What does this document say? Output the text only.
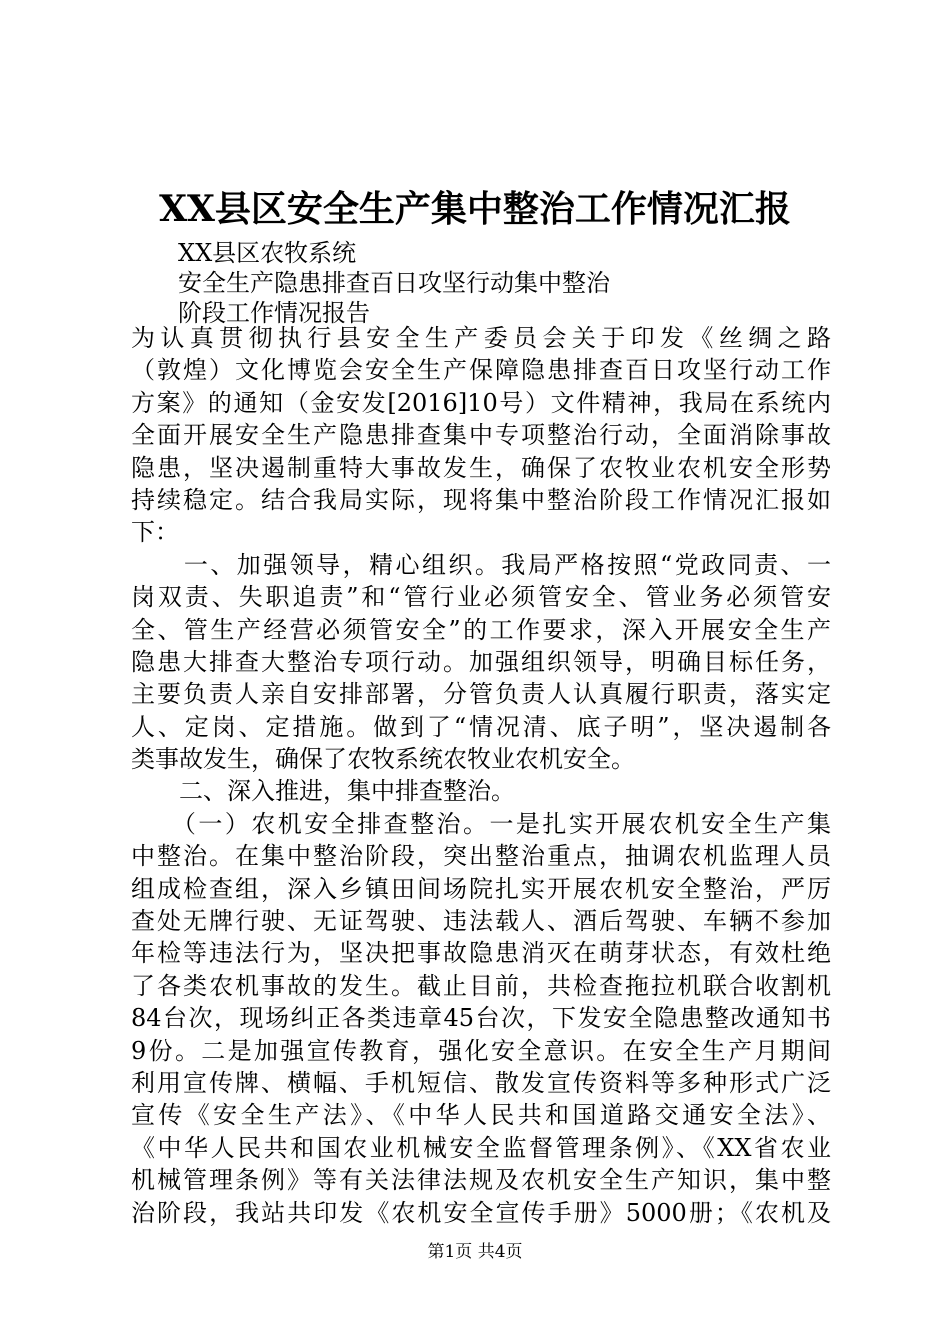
XX县区安全生产集中整治工作情况汇报
XX县区农牧系统
安全生产隐患排查百日攻坚行动集中整治
阶段工作情况报告
为认真贯彻执行县安全生产委员会关于印发《丝绸之路
（敦煌）文化博览会安全生产保障隐患排查百日攻坚行动工作
方案》的通知（金安发[2016]10号）文件精神，我局在系统内
全面开展安全生产隐患排查集中专项整治行动，全面消除事故
隐患，坚决遏制重特大事故发生，确保了农牧业农机安全形势
持续稳定。结合我局实际，现将集中整治阶段工作情况汇报如
下：
　　一、加强领导，精心组织。我局严格按照“党政同责、一
岗双责、失职追责”和“管行业必须管安全、管业务必须管安
全、管生产经营必须管安全”的工作要求，深入开展安全生产
隐患大排查大整治专项行动。加强组织领导，明确目标任务，
主要负责人亲自安排部署，分管负责人认真履行职责，落实定
人、定岗、定措施。做到了“情况清、底子明”，坚决遏制各
类事故发生，确保了农牧系统农牧业农机安全。
　　二、深入推进，集中排查整治。
　　（一）农机安全排查整治。一是扎实开展农机安全生产集
中整治。在集中整治阶段，突出整治重点，抽调农机监理人员
组成检查组，深入乡镇田间场院扎实开展农机安全整治，严厉
查处无牌行驶、无证驾驶、违法载人、酒后驾驶、车辆不参加
年检等违法行为，坚决把事故隐患消灭在萌芽状态，有效杜绝
了各类农机事故的发生。截止目前，共检查拖拉机联合收割机
84台次，现场纠正各类违章45台次，下发安全隐患整改通知书
9份。二是加强宣传教育，强化安全意识。在安全生产月期间
利用宣传牌、横幅、手机短信、散发宣传资料等多种形式广泛
宣传《安全生产法》、《中华人民共和国道路交通安全法》、
《中华人民共和国农业机械安全监督管理条例》、《XX省农业
机械管理条例》等有关法律法规及农机安全生产知识，集中整
治阶段，我站共印发《农机安全宣传手册》5000册；《农机及
第1页 共4页
